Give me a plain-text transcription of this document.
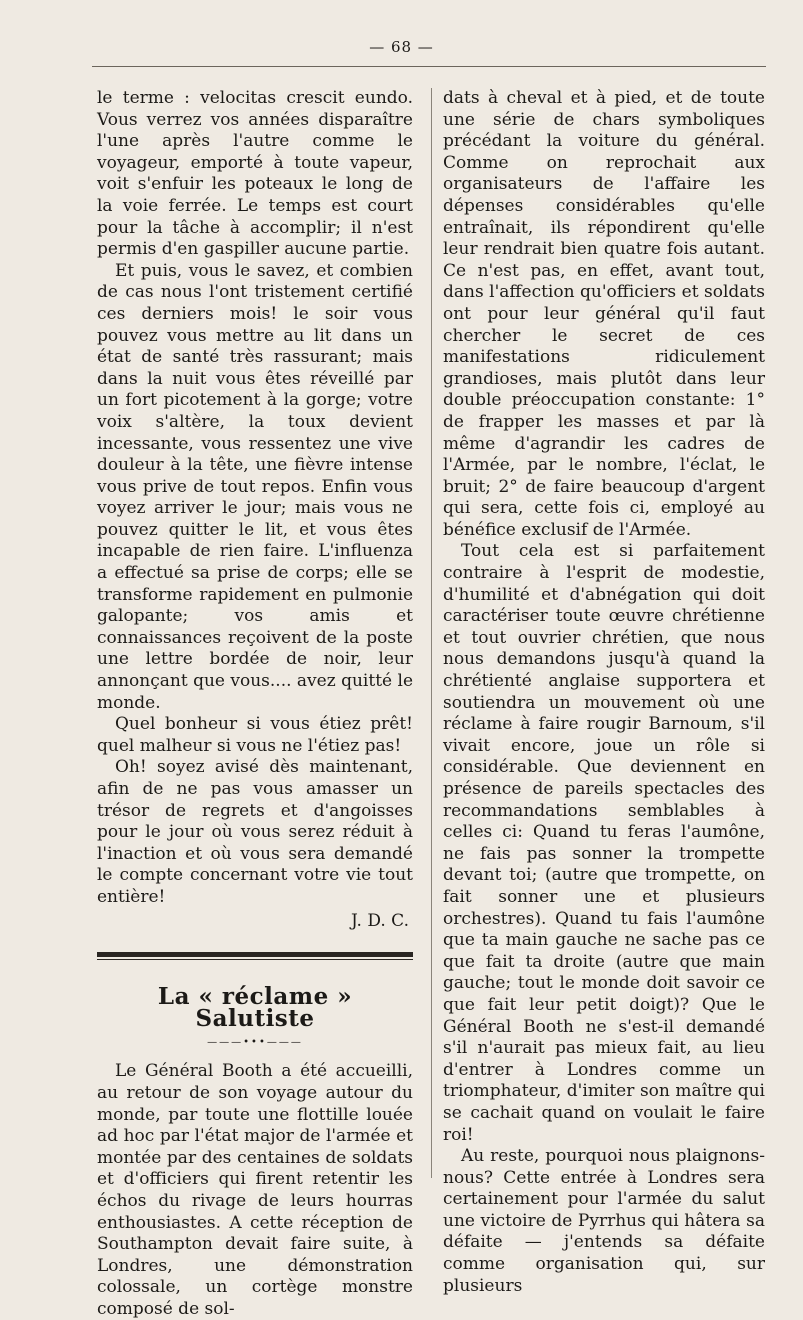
— 68 —

le terme : velocitas crescit eundo. Vous verrez vos années disparaître l'une après l'autre comme le voyageur, emporté à toute vapeur, voit s'enfuir les poteaux le long de la voie ferrée. Le temps est court pour la tâche à accomplir; il n'est permis d'en gaspiller aucune partie.

Et puis, vous le savez, et combien de cas nous l'ont tristement certifié ces derniers mois! le soir vous pouvez vous mettre au lit dans un état de santé très rassurant; mais dans la nuit vous êtes réveillé par un fort picotement à la gorge; votre voix s'altère, la toux devient incessante, vous ressentez une vive douleur à la tête, une fièvre intense vous prive de tout repos. Enfin vous voyez arriver le jour; mais vous ne pouvez quitter le lit, et vous êtes incapable de rien faire. L'influenza a effectué sa prise de corps; elle se transforme rapidement en pulmonie galopante; vos amis et connaissances reçoivent de la poste une lettre bordée de noir, leur annonçant que vous.... avez quitté le monde.

Quel bonheur si vous étiez prêt! quel malheur si vous ne l'étiez pas!

Oh! soyez avisé dès maintenant, afin de ne pas vous amasser un trésor de regrets et d'angoisses pour le jour où vous serez réduit à l'inaction et où vous sera demandé le compte concernant votre vie tout entière!

J. D. C.

La « réclame » Salutiste
———•••———

Le Général Booth a été accueilli, au retour de son voyage autour du monde, par toute une flottille louée ad hoc par l'état major de l'armée et montée par des centaines de soldats et d'officiers qui firent retentir les échos du rivage de leurs hourras enthousiastes. A cette réception de Southampton devait faire suite, à Londres, une démonstration colossale, un cortège monstre composé de sol-

dats à cheval et à pied, et de toute une série de chars symboliques précédant la voiture du général. Comme on reprochait aux organisateurs de l'affaire les dépenses considérables qu'elle entraînait, ils répondirent qu'elle leur rendrait bien quatre fois autant. Ce n'est pas, en effet, avant tout, dans l'affection qu'officiers et soldats ont pour leur général qu'il faut chercher le secret de ces manifestations ridiculement grandioses, mais plutôt dans leur double préoccupation constante: 1° de frapper les masses et par là même d'agrandir les cadres de l'Armée, par le nombre, l'éclat, le bruit; 2° de faire beaucoup d'argent qui sera, cette fois ci, employé au bénéfice exclusif de l'Armée.

Tout cela est si parfaitement contraire à l'esprit de modestie, d'humilité et d'abnégation qui doit caractériser toute œuvre chrétienne et tout ouvrier chrétien, que nous nous demandons jusqu'à quand la chrétienté anglaise supportera et soutiendra un mouvement où une réclame à faire rougir Barnoum, s'il vivait encore, joue un rôle si considérable. Que deviennent en présence de pareils spectacles des recommandations semblables à celles ci: Quand tu feras l'aumône, ne fais pas sonner la trompette devant toi; (autre que trompette, on fait sonner une et plusieurs orchestres). Quand tu fais l'aumône que ta main gauche ne sache pas ce que fait ta droite (autre que main gauche; tout le monde doit savoir ce que fait leur petit doigt)? Que le Général Booth ne s'est-il demandé s'il n'aurait pas mieux fait, au lieu d'entrer à Londres comme un triomphateur, d'imiter son maître qui se cachait quand on voulait le faire roi!

Au reste, pourquoi nous plaignons-nous? Cette entrée à Londres sera certainement pour l'armée du salut une victoire de Pyrrhus qui hâtera sa défaite — j'entends sa défaite comme organisation qui, sur plusieurs
